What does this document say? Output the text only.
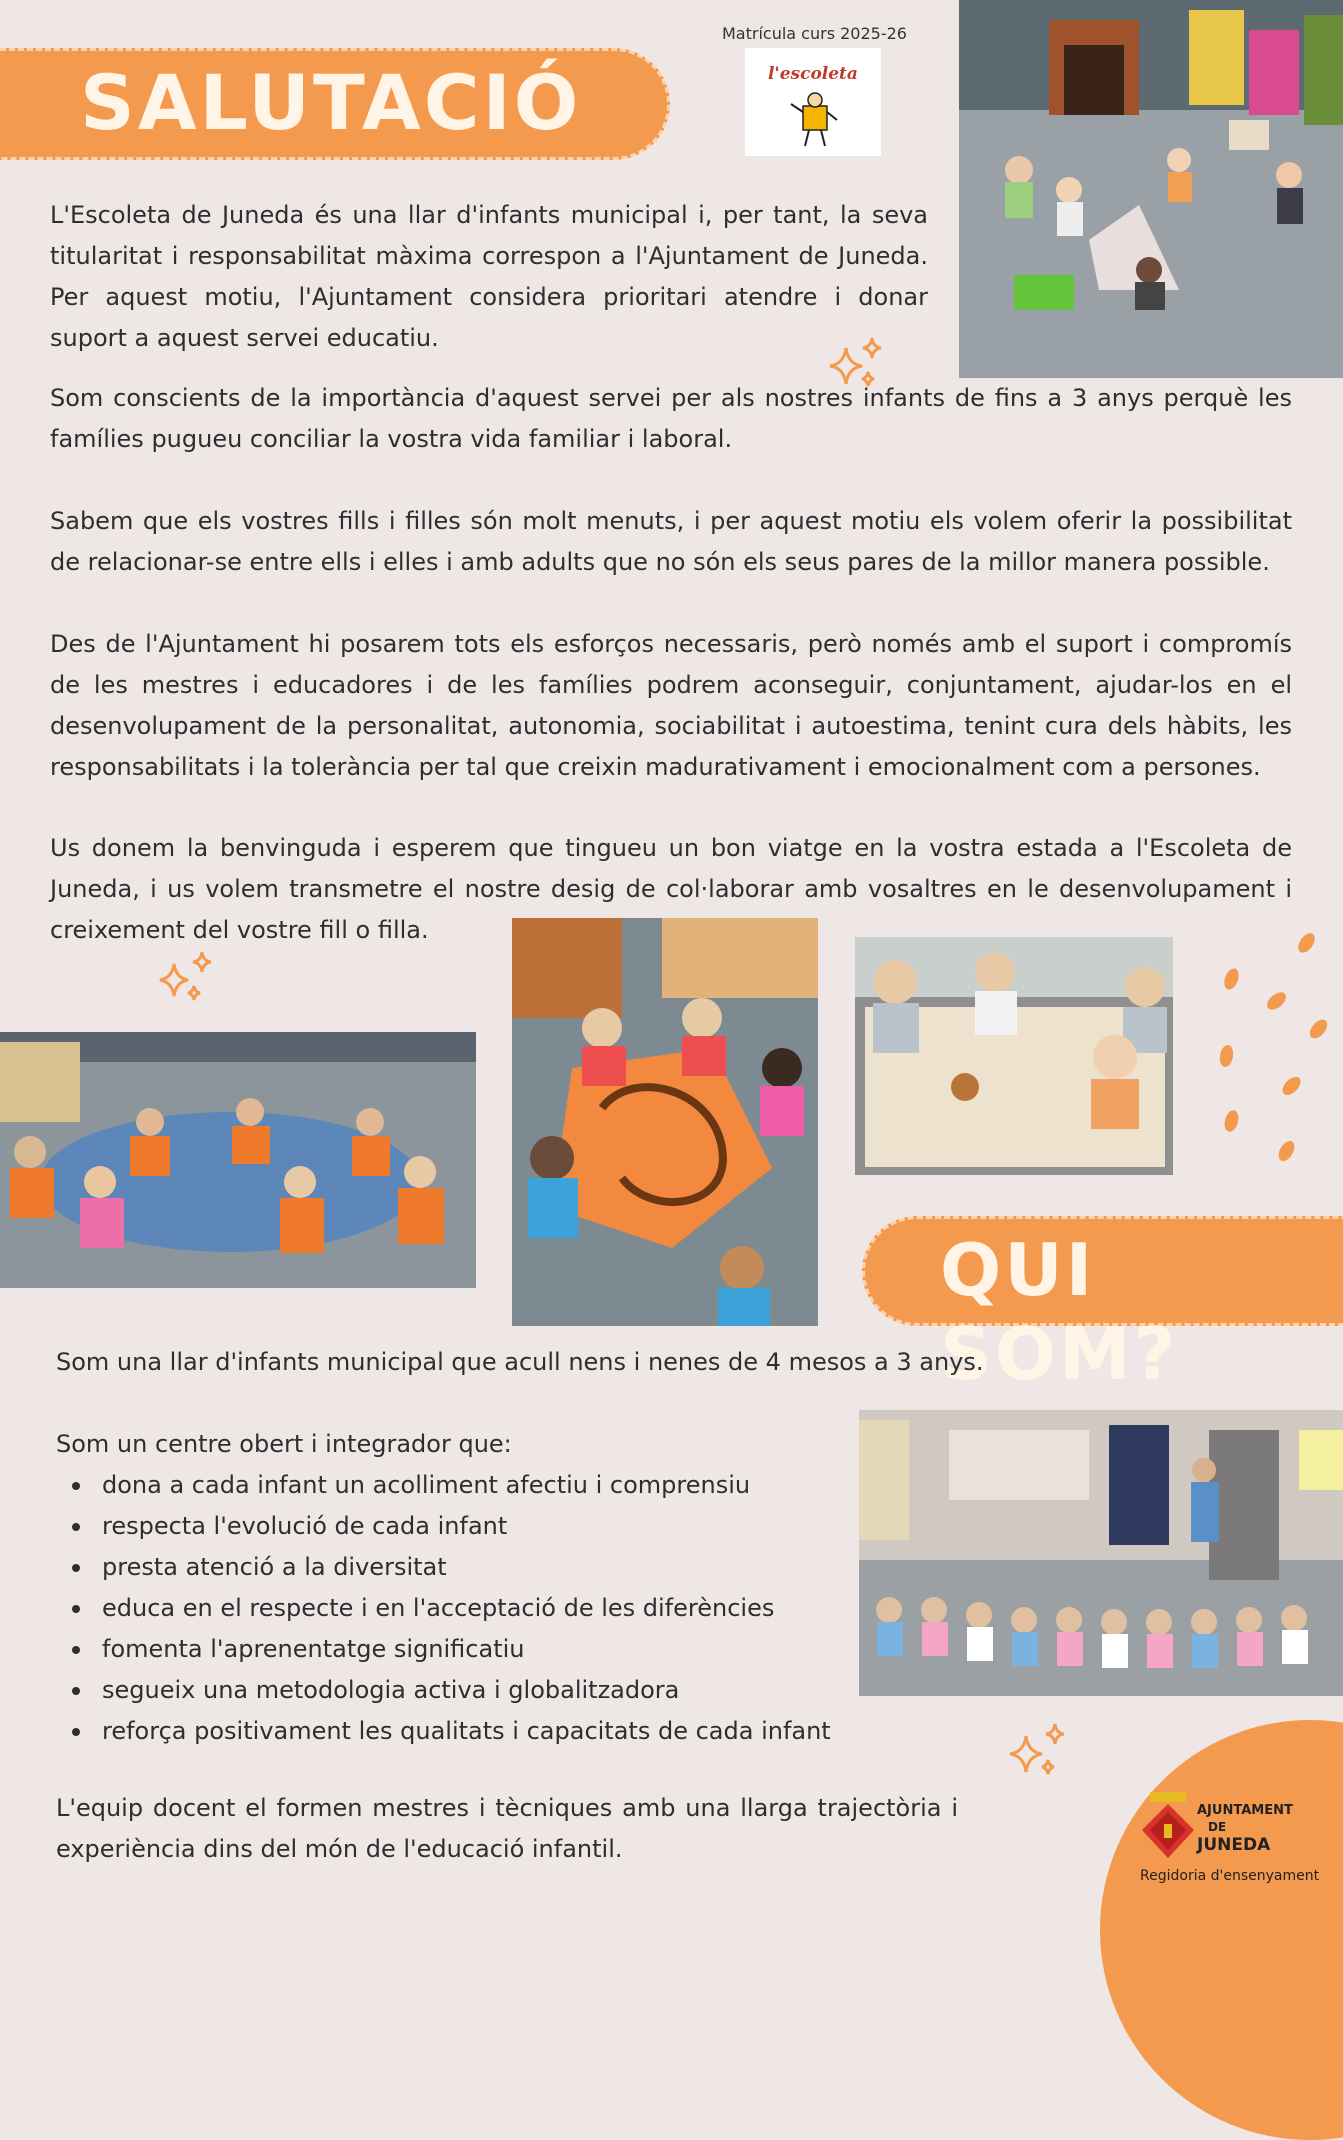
SALUTACIÓ
Matrícula curs 2025-26
l'escoleta

L'Escoleta de Juneda és una llar d'infants municipal i, per tant, la seva titularitat i responsabilitat màxima correspon a l'Ajuntament de Juneda. Per aquest motiu, l'Ajuntament considera prioritari atendre i donar suport a aquest servei educatiu.

Som conscients de la importància d'aquest servei per als nostres infants de fins a 3 anys perquè les famílies pugueu conciliar la vostra vida familiar i laboral.

Sabem que els vostres fills i filles són molt menuts, i per aquest motiu els volem oferir la possibilitat de relacionar-se entre ells i elles i amb adults que no són els seus pares de la millor manera possible.

Des de l'Ajuntament hi posarem tots els esforços necessaris, però només amb el suport i compromís de les mestres i educadores i de les famílies podrem aconseguir, conjuntament, ajudar-los en el desenvolupament de la personalitat, autonomia, sociabilitat i autoestima, tenint cura dels hàbits, les responsabilitats i la tolerància per tal que creixin madurativament i emocionalment com a persones.

Us donem la benvinguda i esperem que tingueu un bon viatge en la vostra estada a l'Escoleta de Juneda, i us volem transmetre el nostre desig de col·laborar amb vosaltres en le desenvolupament i creixement del vostre fill o filla.

QUI SOM?
Som una llar d'infants municipal que acull nens i nenes de 4 mesos a 3 anys.
Som un centre obert i integrador que:
dona a cada infant un acolliment afectiu i comprensiu
respecta l'evolució de cada infant
presta atenció a la diversitat
educa en el respecte i en l'acceptació de les diferències
fomenta l'aprenentatge significatiu
segueix una metodologia activa i globalitzadora
reforça positivament les qualitats i capacitats de cada infant

L'equip docent el formen mestres i tècniques amb una llarga trajectòria i experiència dins del món de l'educació infantil.

AJUNTAMENT
DE
JUNEDA
Regidoria d'ensenyament
